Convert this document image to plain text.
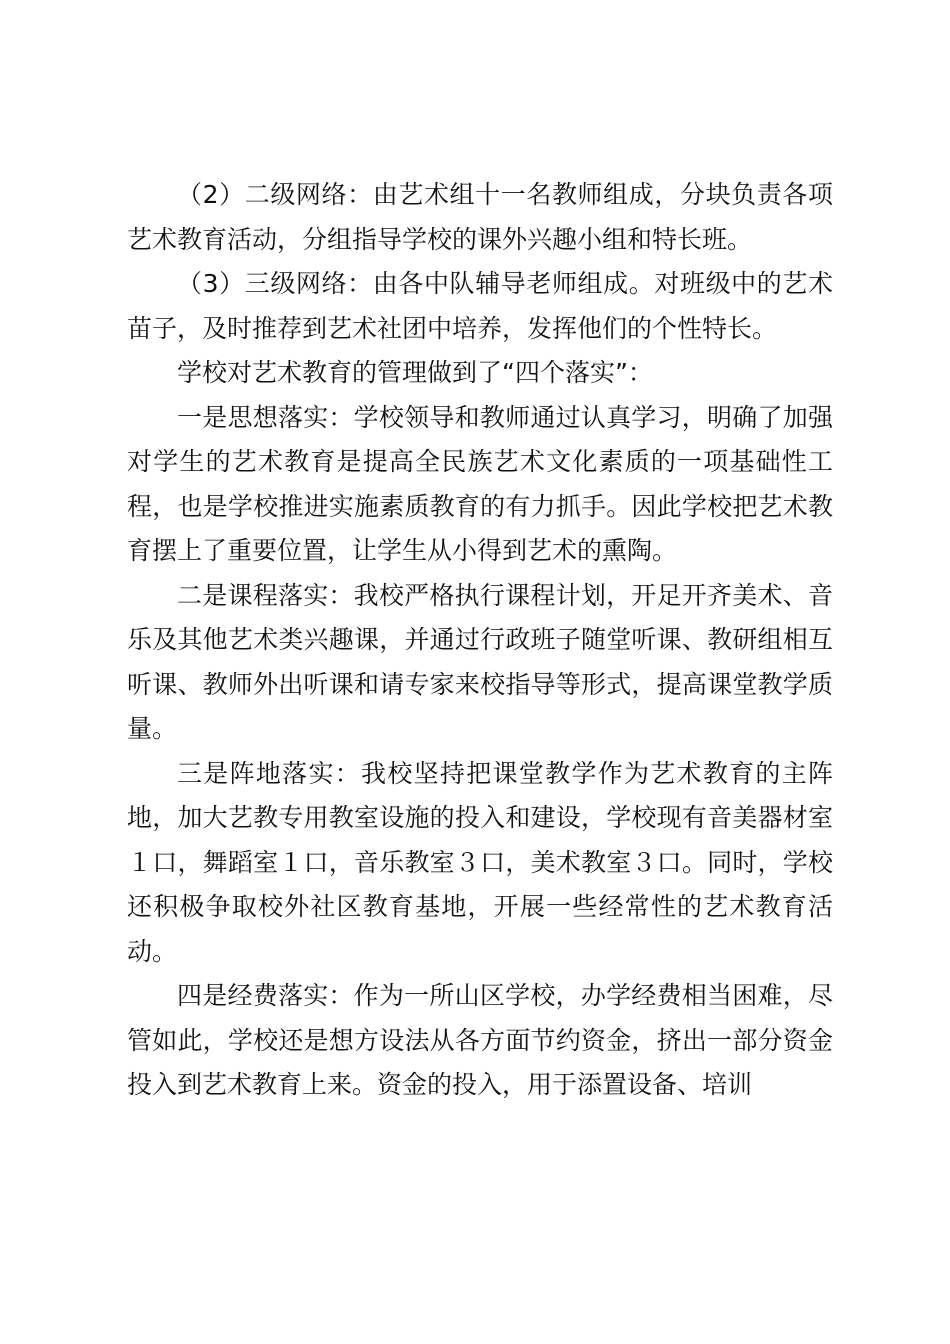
（2）二级网络：由艺术组十一名教师组成，分块负责各项艺术教育活动，分组指导学校的课外兴趣小组和特长班。

（3）三级网络：由各中队辅导老师组成。对班级中的艺术苗子，及时推荐到艺术社团中培养，发挥他们的个性特长。

学校对艺术教育的管理做到了“四个落实”：

一是思想落实：学校领导和教师通过认真学习，明确了加强对学生的艺术教育是提高全民族艺术文化素质的一项基础性工程，也是学校推进实施素质教育的有力抓手。因此学校把艺术教育摆上了重要位置，让学生从小得到艺术的熏陶。

二是课程落实：我校严格执行课程计划，开足开齐美术、音乐及其他艺术类兴趣课，并通过行政班子随堂听课、教研组相互听课、教师外出听课和请专家来校指导等形式，提高课堂教学质量。

三是阵地落实：我校坚持把课堂教学作为艺术教育的主阵地，加大艺教专用教室设施的投入和建设，学校现有音美器材室１口，舞蹈室１口，音乐教室３口，美术教室３口。同时，学校还积极争取校外社区教育基地，开展一些经常性的艺术教育活动。

四是经费落实：作为一所山区学校，办学经费相当困难，尽管如此，学校还是想方设法从各方面节约资金，挤出一部分资金投入到艺术教育上来。资金的投入，用于添置设备、培训
